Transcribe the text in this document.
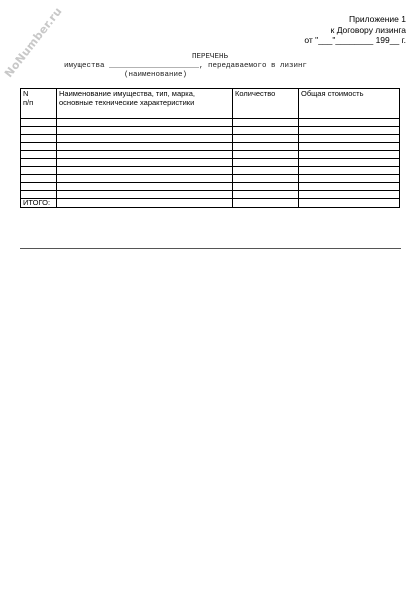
NoNumber.ru	Приложение 1
к Договору лизинга
от "___"________ 199__ г.
ПЕРЕЧЕНЬ
имущества ____________________, передаваемого в лизинг
(наименование)
N
п/п	Наименование имущества, тип, марка, основные технические характеристики	Количество	Общая стоимость

ИТОГО:			
